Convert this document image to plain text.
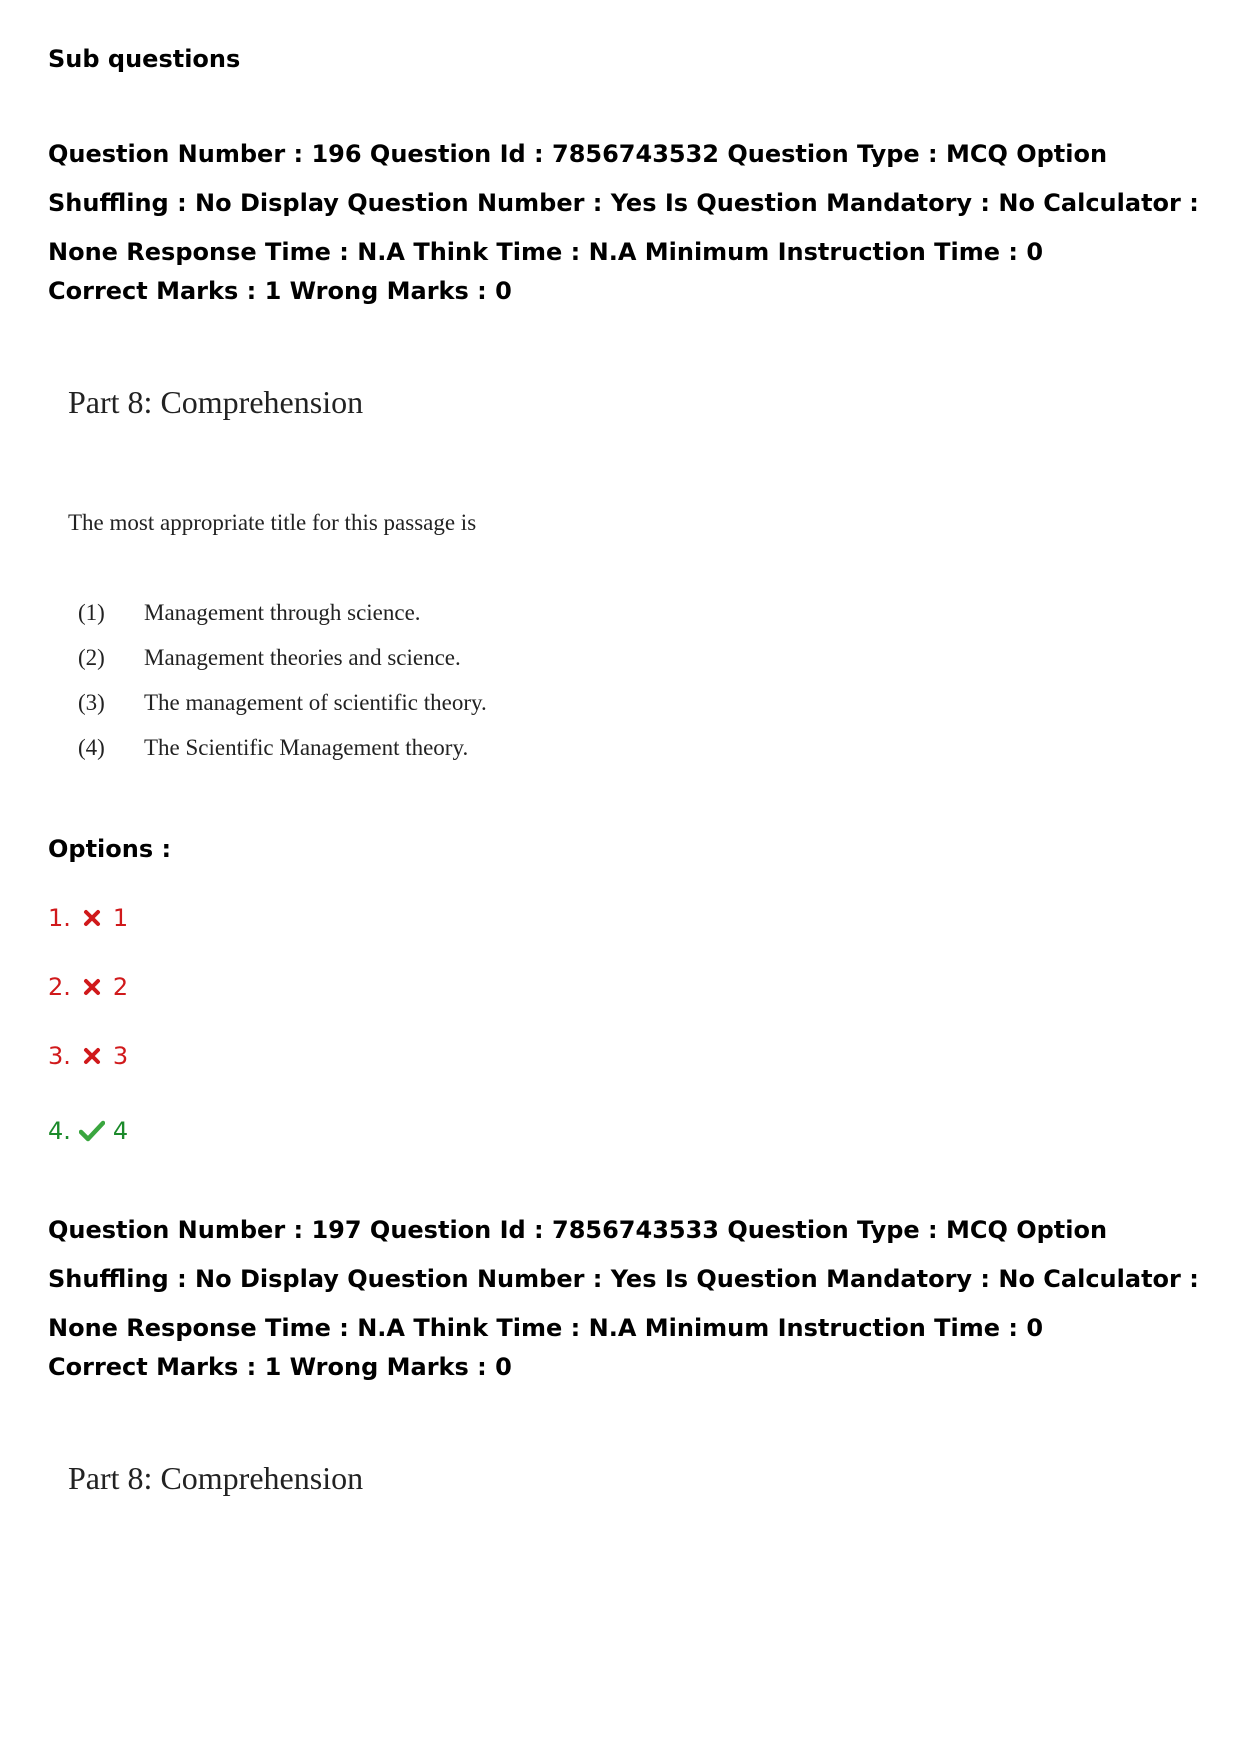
Sub questions

Question Number : 196 Question Id : 7856743532 Question Type : MCQ Option Shuffling : No Display Question Number : Yes Is Question Mandatory : No Calculator : None Response Time : N.A Think Time : N.A Minimum Instruction Time : 0

Correct Marks : 1 Wrong Marks : 0
Part 8: Comprehension
The most appropriate title for this passage is
(1)	Management through science.
(2)	Management theories and science.
(3)	The management of scientific theory.
(4)	The Scientific Management theory.
Options :
1. 1
2. 2
3. 3
4. 4

Question Number : 197 Question Id : 7856743533 Question Type : MCQ Option Shuffling : No Display Question Number : Yes Is Question Mandatory : No Calculator : None Response Time : N.A Think Time : N.A Minimum Instruction Time : 0

Correct Marks : 1 Wrong Marks : 0
Part 8: Comprehension
